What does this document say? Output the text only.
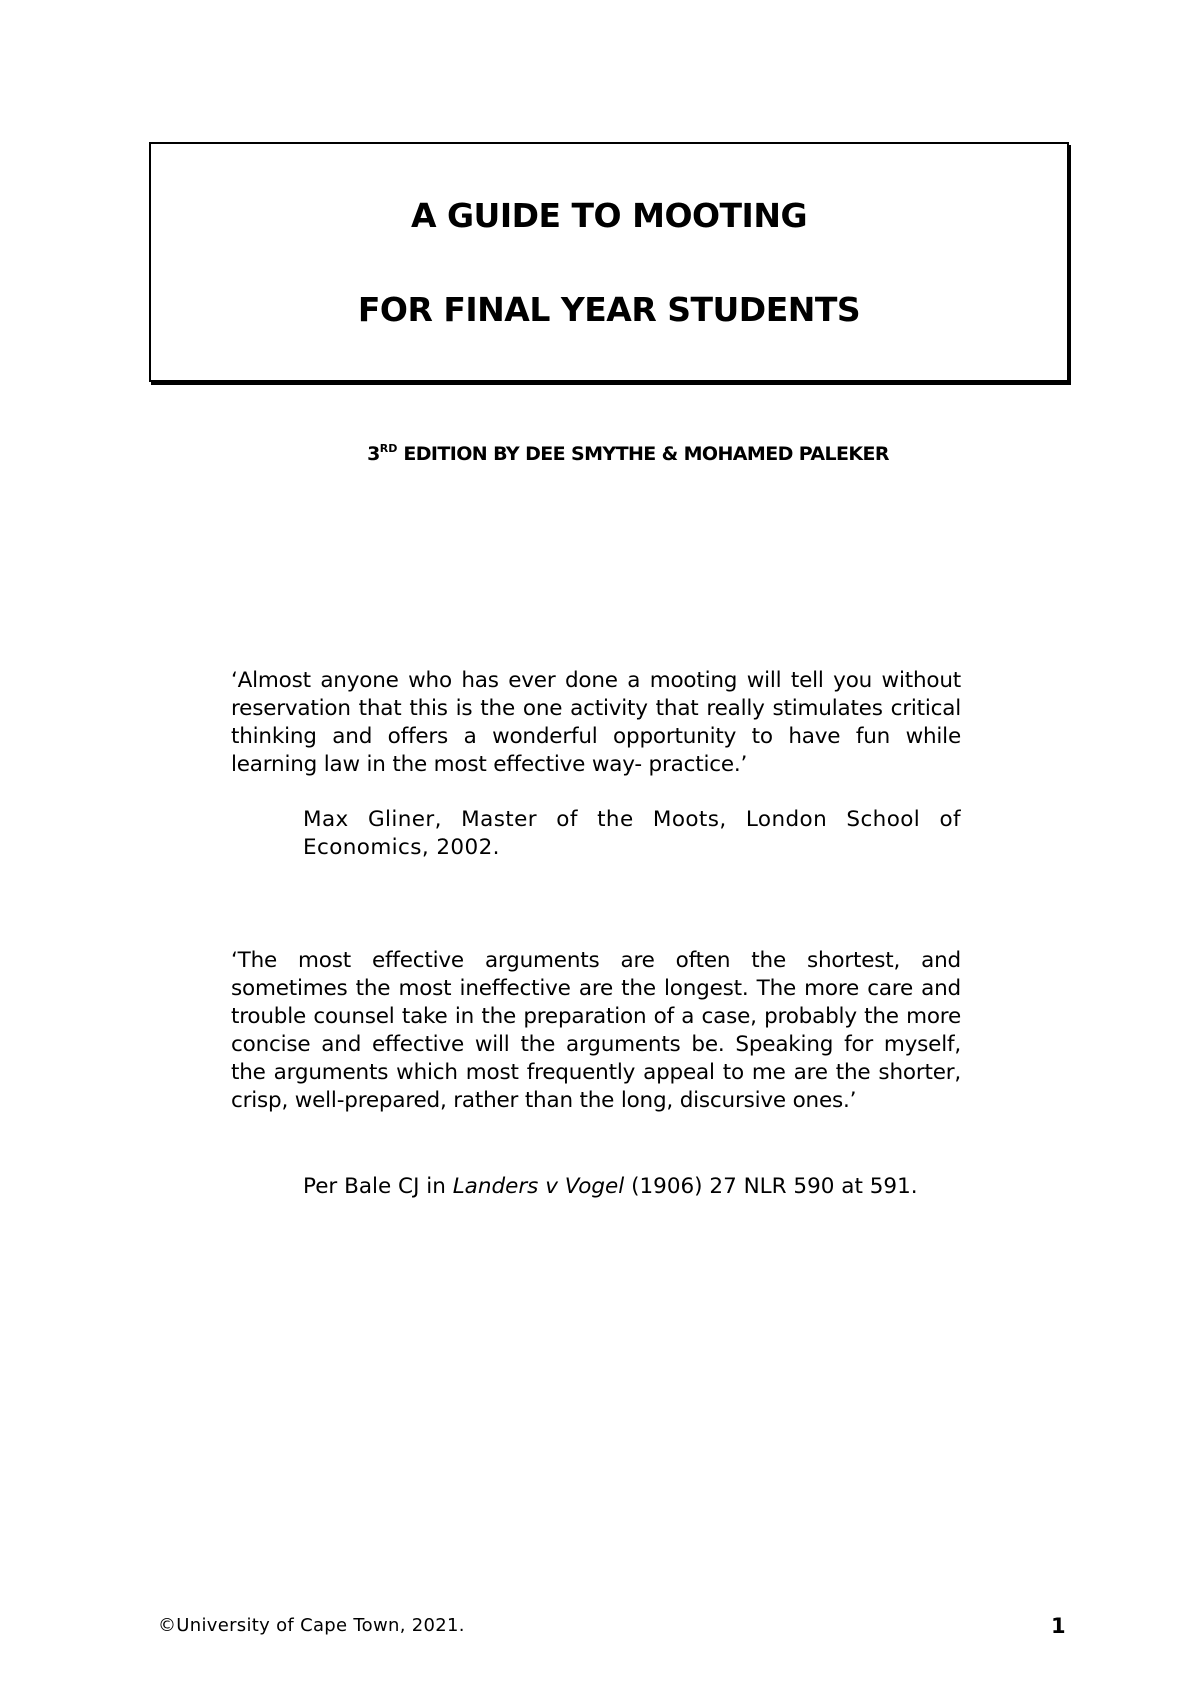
A GUIDE TO MOOTING
FOR FINAL YEAR STUDENTS
3RD EDITION BY DEE SMYTHE & MOHAMED PALEKER
‘Almost anyone who has ever done a mooting will tell you without reservation that this is the one activity that really stimulates critical thinking and offers a wonderful opportunity to have fun while learning law in the most effective way- practice.’
Max Gliner, Master of the Moots, London School of Economics, 2002.
‘The most effective arguments are often the shortest, and sometimes the most ineffective are the longest. The more care and trouble counsel take in the preparation of a case, probably the more concise and effective will the arguments be. Speaking for myself, the arguments which most frequently appeal to me are the shorter, crisp, well-prepared, rather than the long, discursive ones.’
Per Bale CJ in Landers v Vogel (1906) 27 NLR 590 at 591.
©University of Cape Town, 2021.	1
